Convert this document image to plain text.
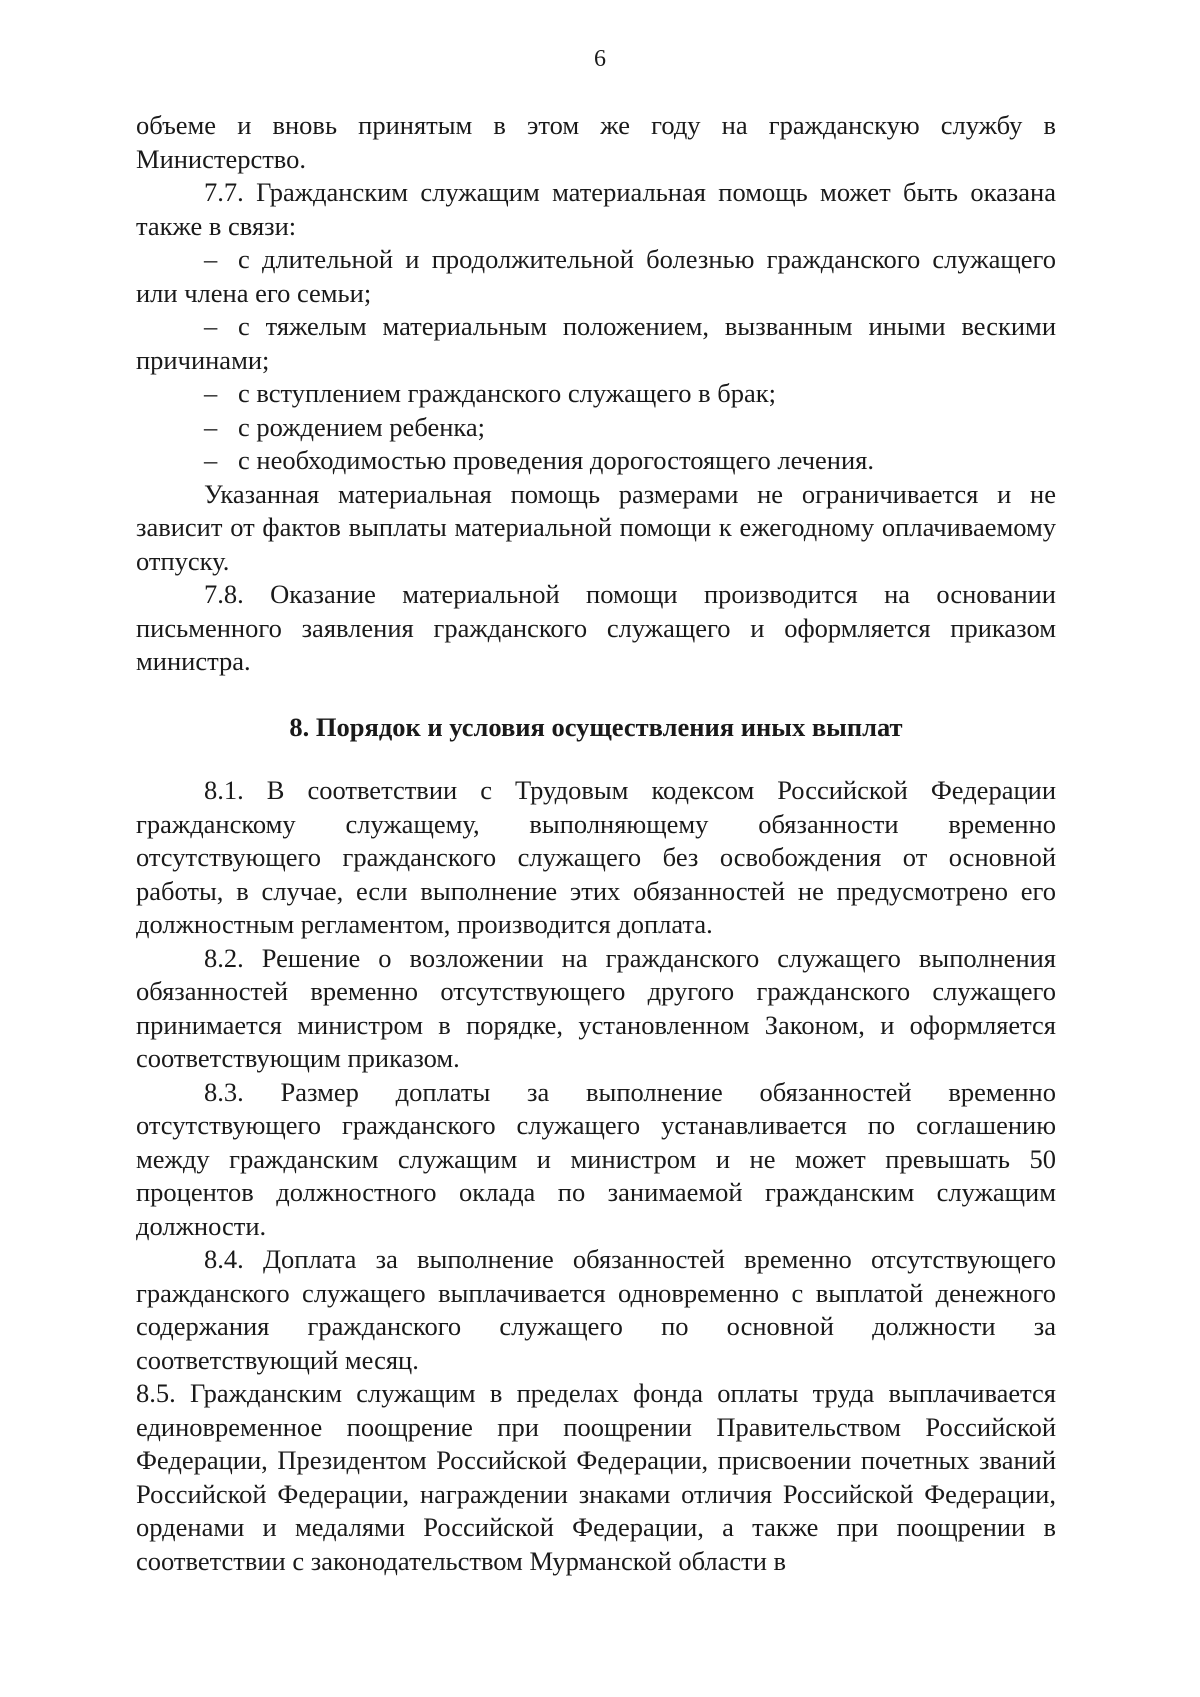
6

объеме и вновь принятым в этом же году на гражданскую службу в Министерство.

7.7. Гражданским служащим материальная помощь может быть оказана также в связи:

– с длительной и продолжительной болезнью гражданского служащего или члена его семьи;

– с тяжелым материальным положением, вызванным иными вескими причинами;

– с вступлением гражданского служащего в брак;

– с рождением ребенка;

– с необходимостью проведения дорогостоящего лечения.

Указанная материальная помощь размерами не ограничивается и не зависит от фактов выплаты материальной помощи к ежегодному оплачиваемому отпуску.

7.8. Оказание материальной помощи производится на основании письменного заявления гражданского служащего и оформляется приказом министра.

8. Порядок и условия осуществления иных выплат

8.1. В соответствии с Трудовым кодексом Российской Федерации гражданскому служащему, выполняющему обязанности временно отсутствующего гражданского служащего без освобождения от основной работы, в случае, если выполнение этих обязанностей не предусмотрено его должностным регламентом, производится доплата.

8.2. Решение о возложении на гражданского служащего выполнения обязанностей временно отсутствующего другого гражданского служащего принимается министром в порядке, установленном Законом, и оформляется соответствующим приказом.

8.3. Размер доплаты за выполнение обязанностей временно отсутствующего гражданского служащего устанавливается по соглашению между гражданским служащим и министром и не может превышать 50 процентов должностного оклада по занимаемой гражданским служащим должности.

8.4. Доплата за выполнение обязанностей временно отсутствующего гражданского служащего выплачивается одновременно с выплатой денежного содержания гражданского служащего по основной должности за соответствующий месяц.

8.5. Гражданским служащим в пределах фонда оплаты труда выплачивается единовременное поощрение при поощрении Правительством Российской Федерации, Президентом Российской Федерации, присвоении почетных званий Российской Федерации, награждении знаками отличия Российской Федерации, орденами и медалями Российской Федерации, а также при поощрении в соответствии с законодательством Мурманской области в
